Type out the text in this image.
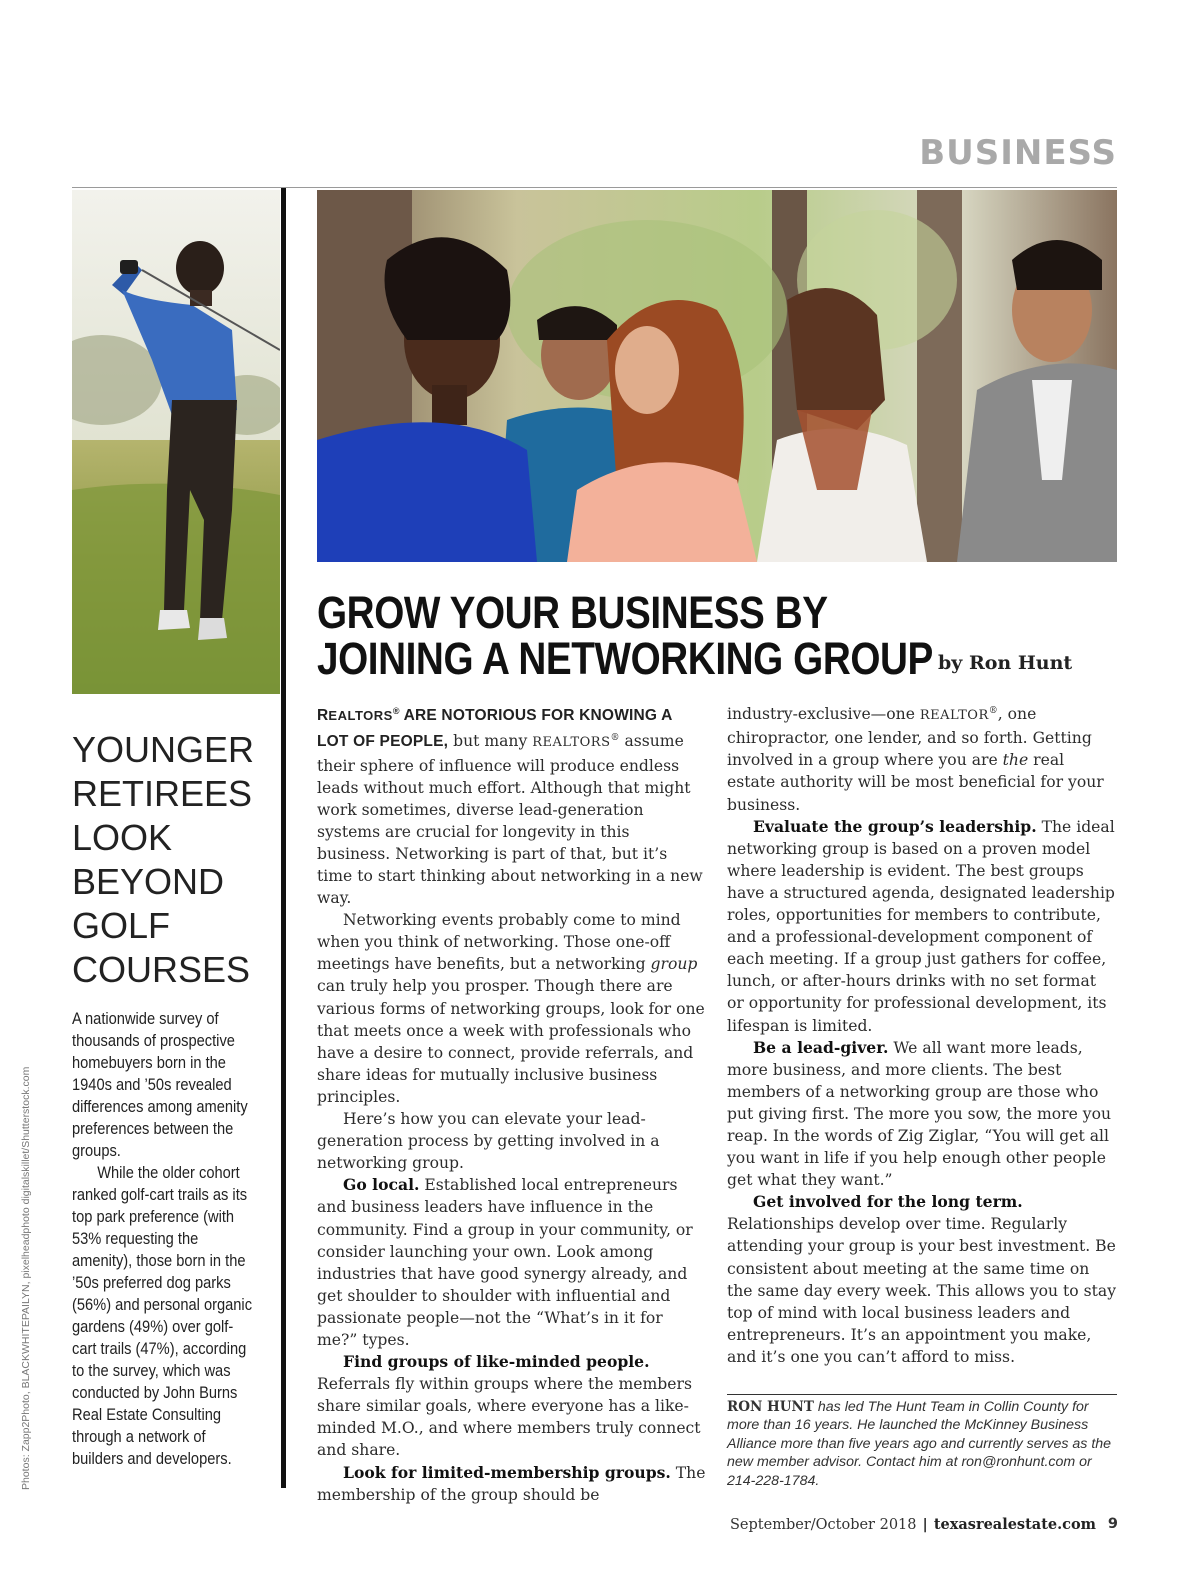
BUSINESS
Photos: Zapp2Photo, BLACKWHITEPAILYN, pixelheadphoto digitalskillet/Shutterstock.com
YOUNGER
RETIREES
LOOK
BEYOND
GOLF
COURSES

A nationwide survey of thousands of prospective homebuyers born in the 1940s and ’50s revealed differences among amenity preferences between the groups.

While the older cohort ranked golf-cart trails as its top park preference (with 53% requesting the amenity), those born in the ’50s preferred dog parks (56%) and personal organic gardens (49%) over golf-cart trails (47%), according to the survey, which was conducted by John Burns Real Estate Consulting through a network of builders and developers.

GROW YOUR BUSINESS BY
JOINING A NETWORKING GROUP by Ron Hunt

REALTORS® ARE NOTORIOUS FOR KNOWING A LOT OF PEOPLE, but many REALTORS® assume their sphere of influence will produce endless leads without much effort. Although that might work sometimes, diverse lead-generation systems are crucial for longevity in this business. Networking is part of that, but it’s time to start thinking about networking in a new way.

Networking events probably come to mind when you think of networking. Those one-off meetings have benefits, but a networking group can truly help you prosper. Though there are various forms of networking groups, look for one that meets once a week with professionals who have a desire to connect, provide referrals, and share ideas for mutually inclusive business principles.

Here’s how you can elevate your lead-generation process by getting involved in a networking group.

Go local. Established local entrepreneurs and business leaders have influence in the community. Find a group in your community, or consider launching your own. Look among industries that have good synergy already, and get shoulder to shoulder with influential and passionate people—not the “What’s in it for me?” types.

Find groups of like-minded people. Referrals fly within groups where the members share similar goals, where everyone has a like-minded M.O., and where members truly connect and share.

Look for limited-membership groups. The membership of the group should be

industry-exclusive—one REALTOR®, one chiropractor, one lender, and so forth. Getting involved in a group where you are the real estate authority will be most beneficial for your business.

Evaluate the group’s leadership. The ideal networking group is based on a proven model where leadership is evident. The best groups have a structured agenda, designated leadership roles, opportunities for members to contribute, and a professional-development component of each meeting. If a group just gathers for coffee, lunch, or after-hours drinks with no set format or opportunity for professional development, its lifespan is limited.

Be a lead-giver. We all want more leads, more business, and more clients. The best members of a networking group are those who put giving first. The more you sow, the more you reap. In the words of Zig Ziglar, “You will get all you want in life if you help enough other people get what they want.”

Get involved for the long term. Relationships develop over time. Regularly attending your group is your best investment. Be consistent about meeting at the same time on the same day every week. This allows you to stay top of mind with local business leaders and entrepreneurs. It’s an appointment you make, and it’s one you can’t afford to miss.

RON HUNT has led The Hunt Team in Collin County for more than 16 years. He launched the McKinney Business Alliance more than five years ago and currently serves as the new member advisor. Contact him at ron@ronhunt.com or 214-228-1784.
September/October 2018 | texasrealestate.com 9
